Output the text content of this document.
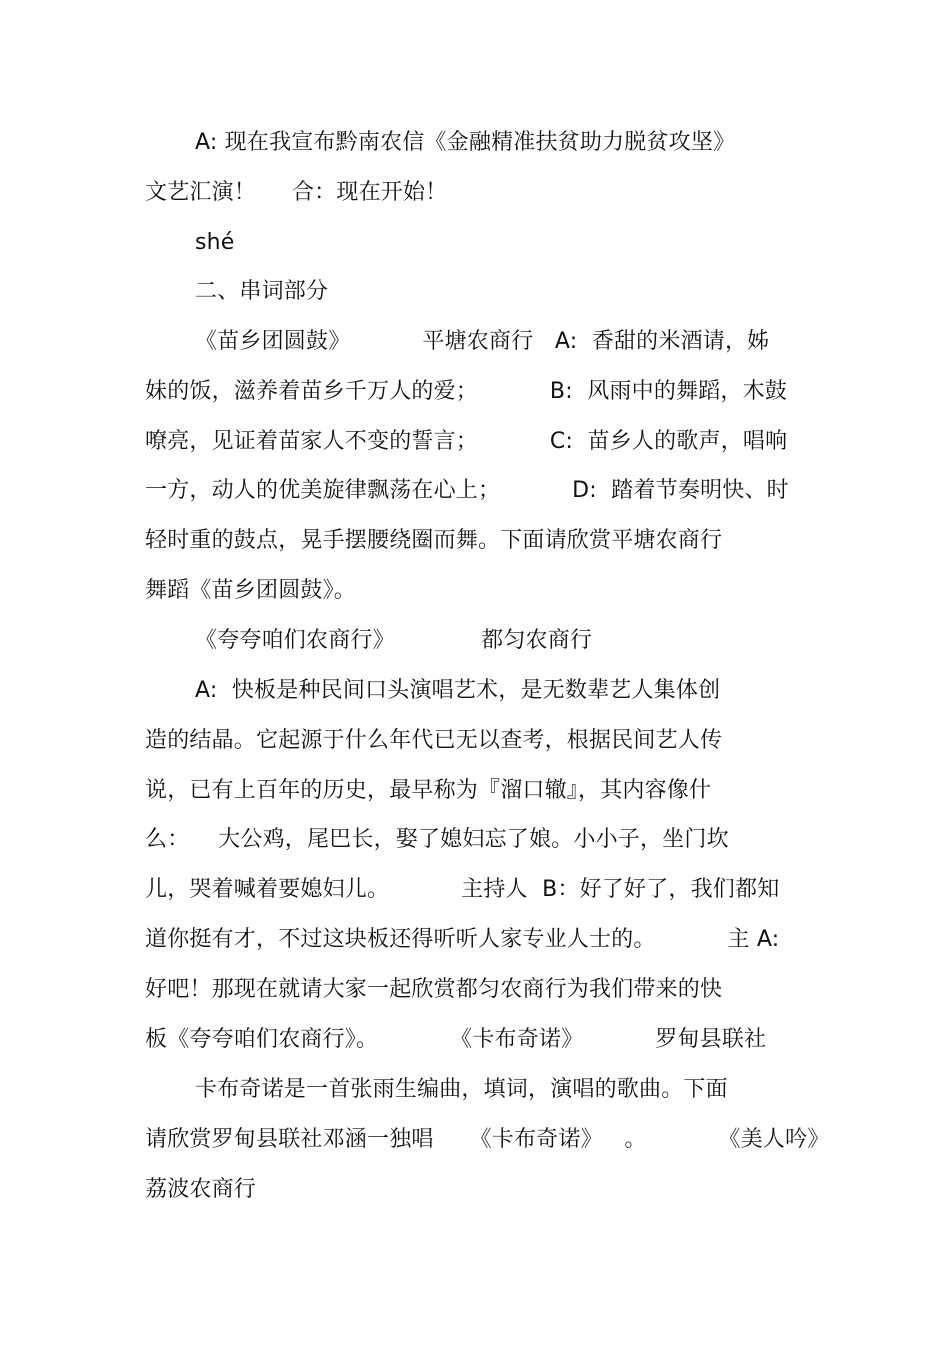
A: 现在我宣布黔南农信《金融精准扶贫助力脱贫攻坚》
文艺汇演！     合：现在开始！
shé
二、串词部分
《苗乡团圆鼓》          平塘农商行   A:  香甜的米酒请，姊
妹的饭，滋养着苗乡千万人的爱；          B:  风雨中的舞蹈，木鼓
嘹亮，见证着苗家人不变的誓言；          C:  苗乡人的歌声，唱响
一方，动人的优美旋律飘荡在心上；          D:  踏着节奏明快、时
轻时重的鼓点，晃手摆腰绕圈而舞。下面请欣赏平塘农商行
舞蹈《苗乡团圆鼓》。
《夸夸咱们农商行》            都匀农商行
A:  快板是种民间口头演唱艺术，是无数辈艺人集体创
造的结晶。它起源于什么年代已无以查考，根据民间艺人传
说，已有上百年的历史，最早称为『溜口辙』，其内容像什
么：    大公鸡，尾巴长，娶了媳妇忘了娘。小小子，坐门坎
儿，哭着喊着要媳妇儿。          主持人  B：好了好了，我们都知
道你挺有才，不过这块板还得听听人家专业人士的。          主 A:
好吧！那现在就请大家一起欣赏都匀农商行为我们带来的快
板《夸夸咱们农商行》。          《卡布奇诺》          罗甸县联社
卡布奇诺是一首张雨生编曲，填词，演唱的歌曲。下面
请欣赏罗甸县联社邓涵一独唱     《卡布奇诺》   。          《美人吟》
荔波农商行
